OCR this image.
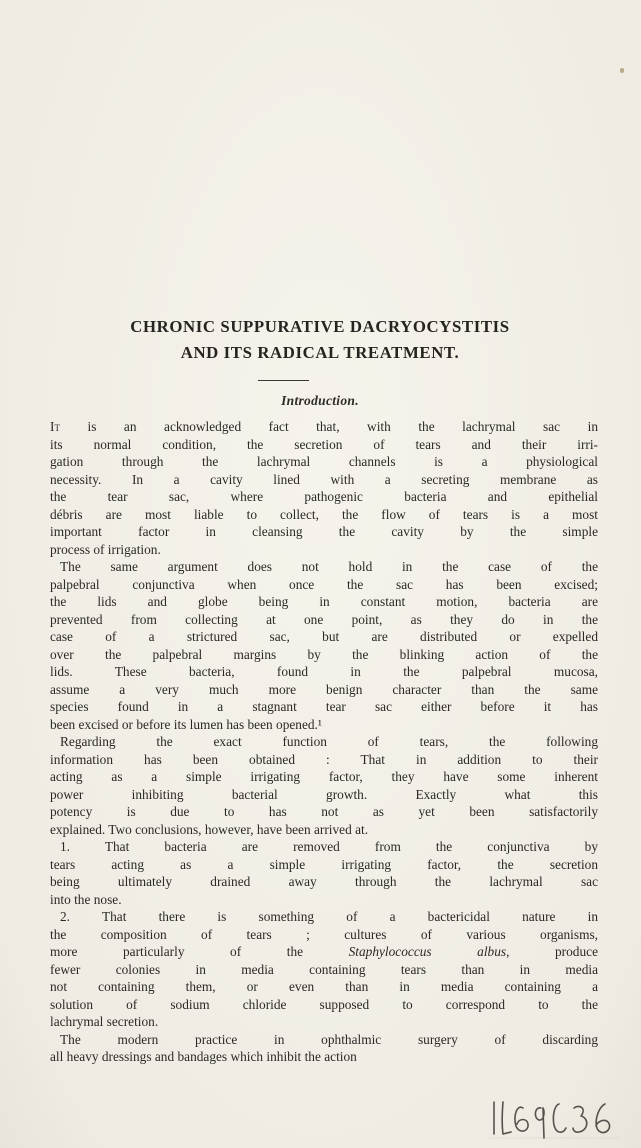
CHRONIC SUPPURATIVE DACRYOCYSTITIS
AND ITS RADICAL TREATMENT.
Introduction.
It is an acknowledged fact that, with the lachrymal sac in
its normal condition, the secretion of tears and their irri-
gation through the lachrymal channels is a physiological
necessity. In a cavity lined with a secreting membrane as
the tear sac, where pathogenic bacteria and epithelial
débris are most liable to collect, the flow of tears is a most
important factor in cleansing the cavity by the simple
process of irrigation.
The same argument does not hold in the case of the
palpebral conjunctiva when once the sac has been excised;
the lids and globe being in constant motion, bacteria are
prevented from collecting at one point, as they do in the
case of a strictured sac, but are distributed or expelled
over the palpebral margins by the blinking action of the
lids. These bacteria, found in the palpebral mucosa,
assume a very much more benign character than the same
species found in a stagnant tear sac either before it has
been excised or before its lumen has been opened.¹
Regarding the exact function of tears, the following
information has been obtained : That in addition to their
acting as a simple irrigating factor, they have some inherent
power inhibiting bacterial growth. Exactly what this
potency is due to has not as yet been satisfactorily
explained. Two conclusions, however, have been arrived at.
1. That bacteria are removed from the conjunctiva by
tears acting as a simple irrigating factor, the secretion
being ultimately drained away through the lachrymal sac
into the nose.
2. That there is something of a bactericidal nature in
the composition of tears ; cultures of various organisms,
more particularly of the Staphylococcus albus, produce
fewer colonies in media containing tears than in media
not containing them, or even than in media containing a
solution of sodium chloride supposed to correspond to the
lachrymal secretion.
The modern practice in ophthalmic surgery of discarding
all heavy dressings and bandages which inhibit the action
